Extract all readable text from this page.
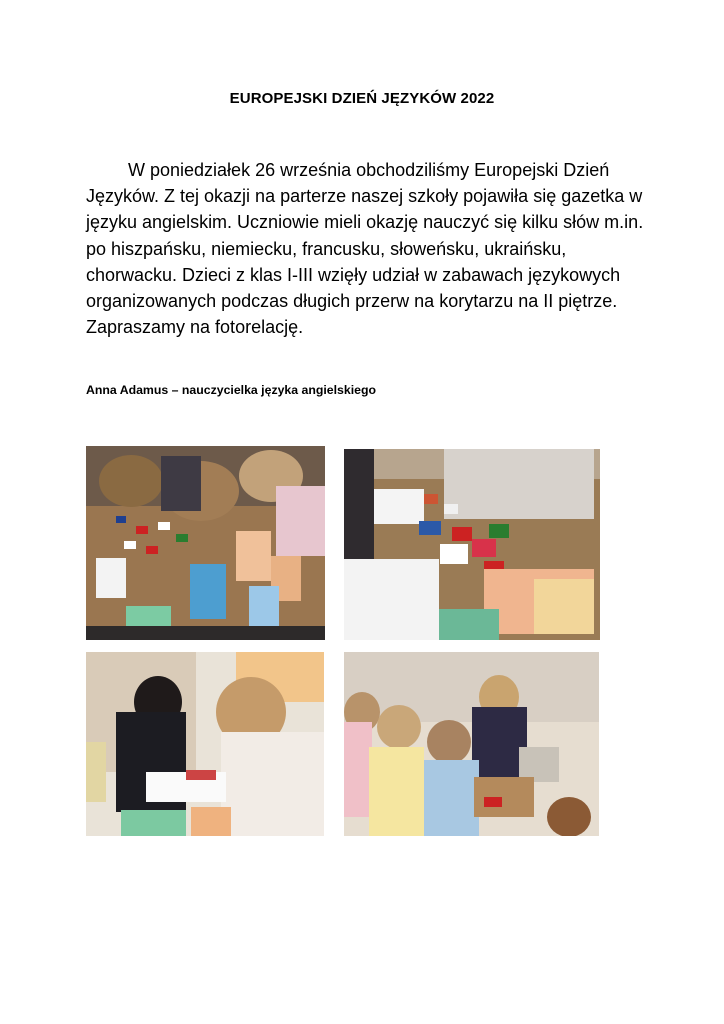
EUROPEJSKI DZIEŃ JĘZYKÓW 2022

W poniedziałek 26 września obchodziliśmy Europejski Dzień Języków. Z tej okazji na parterze naszej szkoły pojawiła się gazetka w języku angielskim. Uczniowie mieli okazję nauczyć się kilku słów m.in. po hiszpańsku, niemiecku, francusku, słoweńsku, ukraińsku, chorwacku. Dzieci z klas I-III wzięły udział w zabawach językowych organizowanych podczas długich przerw na korytarzu na II piętrze. Zapraszamy na fotorelację.

Anna Adamus – nauczycielka języka angielskiego
